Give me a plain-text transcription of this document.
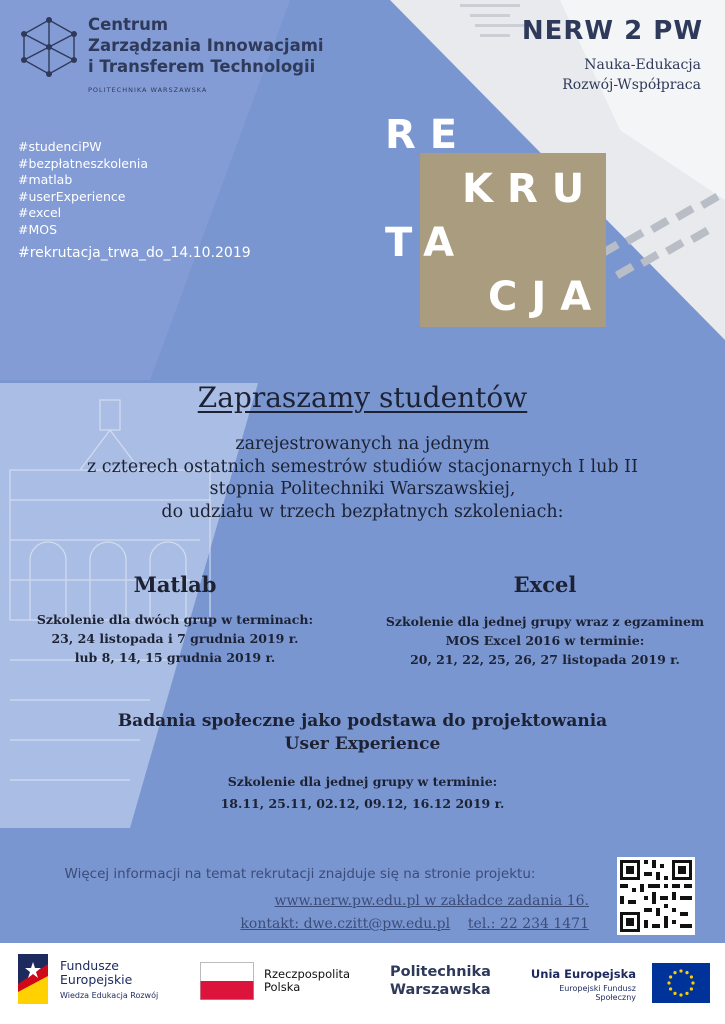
Centrum
Zarządzania Innowacjami
i Transferem Technologii
POLITECHNIKA WARSZAWSKA
NERW 2 PW
Nauka-Edukacja
Rozwój-Współpraca
#studenciPW
#bezpłatneszkolenia
#matlab
#userExperience
#excel
#MOS
#rekrutacja_trwa_do_14.10.2019
RE
KRU
TA
CJA
Zapraszamy studentów
zarejestrowanych na jednym
z czterech ostatnich semestrów studiów stacjonarnych I lub II
stopnia Politechniki Warszawskiej,
do udziału w trzech bezpłatnych szkoleniach:
Matlab
Szkolenie dla dwóch grup w terminach:
23, 24 listopada i 7 grudnia 2019 r.
lub 8, 14, 15 grudnia 2019 r.
Excel
Szkolenie dla jednej grupy wraz z egzaminem
MOS Excel 2016 w terminie:
20, 21, 22, 25, 26, 27 listopada 2019 r.
Badania społeczne jako podstawa do projektowania
User Experience
Szkolenie dla jednej grupy w terminie:
18.11, 25.11, 02.12, 09.12, 16.12 2019 r.
Więcej informacji na temat rekrutacji znajduje się na stronie projektu:
www.nerw.pw.edu.pl w zakładce zadania 16.
kontakt: dwe.czitt@pw.edu.pl tel.: 22 234 1471
Fundusze
Europejskie
Wiedza Edukacja Rozwój
Rzeczpospolita
Polska
Politechnika
Warszawska
Unia Europejska
Europejski Fundusz Społeczny
